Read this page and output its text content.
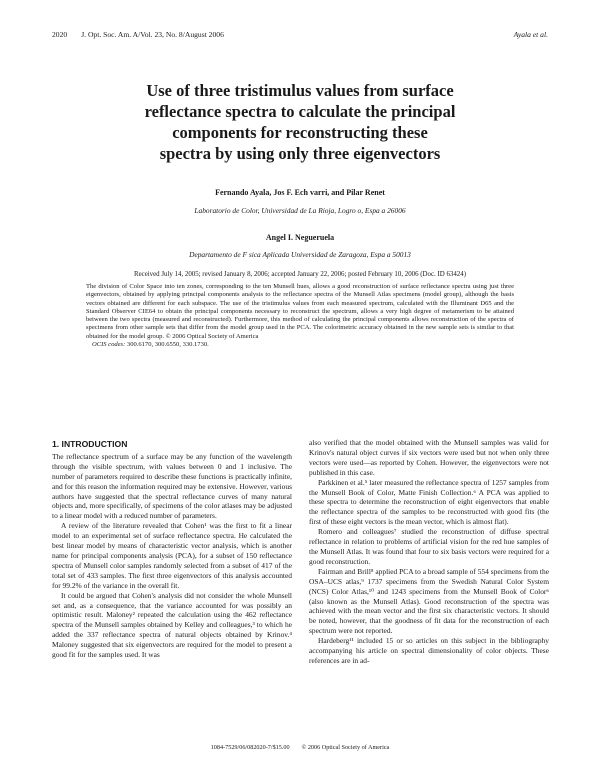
2020 J. Opt. Soc. Am. A/Vol. 23, No. 8/August 2006	Ayala et al.
Use of three tristimulus values from surface
reflectance spectra to calculate the principal
components for reconstructing these
spectra by using only three eigenvectors
Fernando Ayala, Jos F. Ech varri, and Pilar Renet
Laboratorio de Color, Universidad de La Rioja, Logro o, Espa a 26006
Angel I. Negueruela
Departamento de F sica Aplicada Universidad de Zaragoza, Espa a 50013
Received July 14, 2005; revised January 8, 2006; accepted January 22, 2006; posted February 10, 2006 (Doc. ID 63424)
The division of Color Space into ten zones, corresponding to the ten Munsell hues, allows a good reconstruction of surface reflectance spectra using just three eigenvectors, obtained by applying principal components analysis to the reflectance spectra of the Munsell Atlas specimens (model group), although the basis vectors obtained are different for each subspace. The use of the tristimulus values from each measured spectrum, calculated with the Illuminant D65 and the Standard Observer CIE64 to obtain the principal components necessary to reconstruct the spectrum, allows a very high degree of metamerism to be attained between the two spectra (measured and reconstructed). Furthermore, this method of calculating the principal components allows reconstruction of the spectra of specimens from other sample sets that differ from the model group used in the PCA. The colorimetric accuracy obtained in the new sample sets is similar to that obtained for the model group. © 2006 Optical Society of America
OCIS codes: 300.6170, 300.6550, 330.1730.
1. INTRODUCTION

The reflectance spectrum of a surface may be any function of the wavelength through the visible spectrum, with values between 0 and 1 inclusive. The number of parameters required to describe these functions is practically infinite, and for this reason the information required may be extensive. However, various authors have suggested that the spectral reflectance curves of many natural objects and, more specifically, of specimens of the color atlases may be adjusted to a linear model with a reduced number of parameters.

A review of the literature revealed that Cohen¹ was the first to fit a linear model to an experimental set of surface reflectance spectra. He calculated the best linear model by means of characteristic vector analysis, which is another name for principal components analysis (PCA), for a subset of 150 reflectance spectra of Munsell color samples randomly selected from a subset of 417 of the total set of 433 samples. The first three eigenvectors of this analysis accounted for 99.2% of the variance in the overall fit.

It could be argued that Cohen's analysis did not consider the whole Munsell set and, as a consequence, that the variance accounted for was possibly an optimistic result. Maloney² repeated the calculation using the 462 reflectance spectra of the Munsell samples obtained by Kelley and colleagues,³ to which he added the 337 reflectance spectra of natural objects obtained by Krinov.⁴ Maloney suggested that six eigenvectors are required for the model to present a good fit for the samples used. It was

also verified that the model obtained with the Munsell samples was valid for Krinov's natural object curves if six vectors were used but not when only three vectors were used—as reported by Cohen. However, the eigenvectors were not published in this case.

Parkkinen et al.⁵ later measured the reflectance spectra of 1257 samples from the Munsell Book of Color, Matte Finish Collection.⁶ A PCA was applied to these spectra to determine the reconstruction of eight eigenvectors that enable the reflectance spectra of the samples to be reconstructed with good fits (the first of these eight vectors is the mean vector, which is almost flat).

Romero and colleagues⁷ studied the reconstruction of diffuse spectral reflectance in relation to problems of artificial vision for the red hue samples of the Munsell Atlas. It was found that four to six basis vectors were required for a good reconstruction.

Fairman and Brill⁸ applied PCA to a broad sample of 554 specimens from the OSA–UCS atlas,⁹ 1737 specimens from the Swedish Natural Color System (NCS) Color Atlas,¹⁰ and 1243 specimens from the Munsell Book of Color⁶ (also known as the Munsell Atlas). Good reconstruction of the spectra was achieved with the mean vector and the first six characteristic vectors. It should be noted, however, that the goodness of fit data for the reconstruction of each spectrum were not reported.

Hardeberg¹¹ included 15 or so articles on this subject in the bibliography accompanying his article on spectral dimensionality of color objects. These references are in ad-

1084-7529/06/082020-7/$15.00 © 2006 Optical Society of America
